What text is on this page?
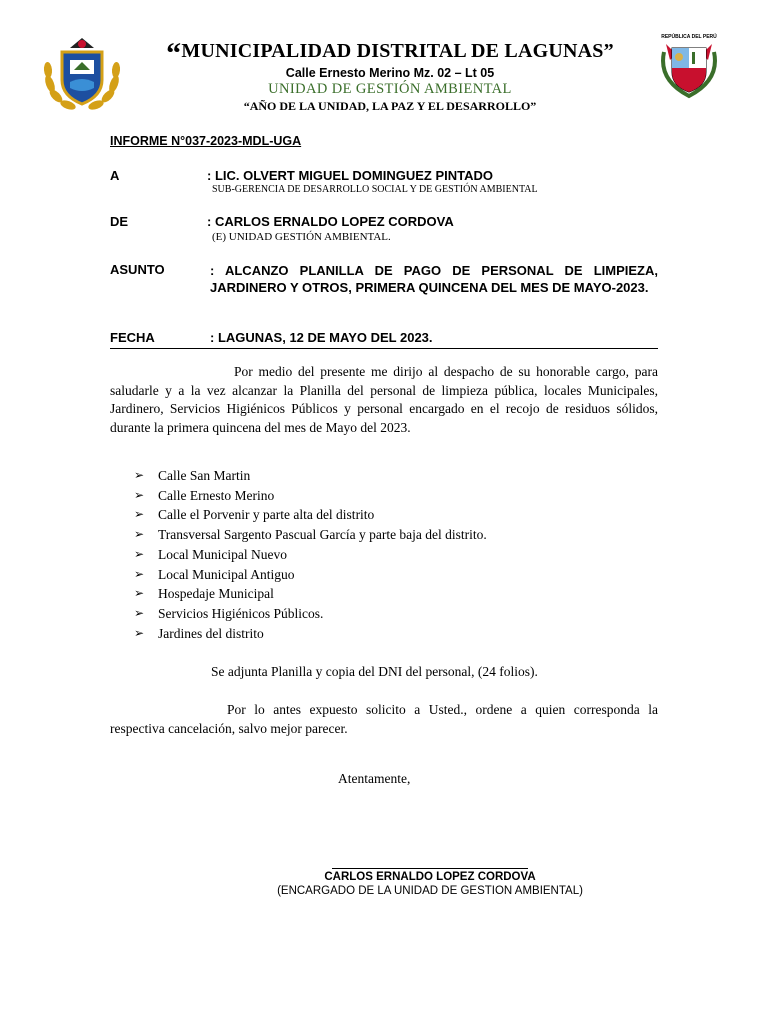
REPÚBLICA DEL PERÚ
“MUNICIPALIDAD DISTRITAL DE LAGUNAS”
Calle Ernesto Merino Mz. 02 – Lt 05
UNIDAD DE GESTIÓN AMBIENTAL
“AÑO DE LA UNIDAD, LA PAZ Y EL DESARROLLO”
INFORME N°037-2023-MDL-UGA
A	: LIC. OLVERT MIGUEL DOMINGUEZ PINTADO
SUB-GERENCIA DE DESARROLLO SOCIAL Y DE GESTIÓN AMBIENTAL
DE	: CARLOS ERNALDO LOPEZ CORDOVA
(E) UNIDAD GESTIÓN AMBIENTAL.
ASUNTO	: ALCANZO PLANILLA DE PAGO DE PERSONAL DE LIMPIEZA, JARDINERO Y OTROS, PRIMERA QUINCENA DEL MES DE MAYO-2023.
FECHA	: LAGUNAS, 12 DE MAYO DEL 2023.
Por medio del presente me dirijo al despacho de su honorable cargo, para saludarle y a la vez alcanzar la Planilla del personal de limpieza pública, locales Municipales, Jardinero, Servicios Higiénicos Públicos y personal encargado en el recojo de residuos sólidos, durante la primera quincena del mes de Mayo del 2023.
➢ Calle San Martin
➢ Calle Ernesto Merino
➢ Calle el Porvenir y parte alta del distrito
➢ Transversal Sargento Pascual García y parte baja del distrito.
➢ Local Municipal Nuevo
➢ Local Municipal Antiguo
➢ Hospedaje Municipal
➢ Servicios Higiénicos Públicos.
➢ Jardines del distrito
Se adjunta Planilla y copia del DNI del personal, (24 folios).
Por lo antes expuesto solicito a Usted., ordene a quien corresponda la respectiva cancelación, salvo mejor parecer.
Atentamente,
CARLOS ERNALDO LOPEZ CORDOVA
(ENCARGADO DE LA UNIDAD DE GESTION AMBIENTAL)
